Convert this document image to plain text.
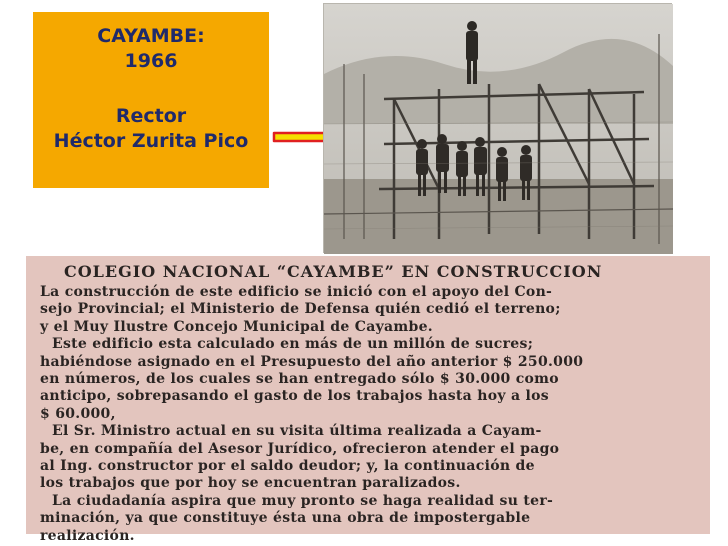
CAYAMBE:
1966
Rector
Héctor Zurita Pico
COLEGIO NACIONAL “CAYAMBE” EN CONSTRUCCION
La construcción de este edificio se inició con el apoyo del Con-
sejo Provincial; el Ministerio de Defensa quién cedió el terreno;
y el Muy Ilustre Concejo Municipal de Cayambe.
Este edificio esta calculado en más de un millón de sucres;
habiéndose asignado en el Presupuesto del año anterior $ 250.000
en números, de los cuales se han entregado sólo $ 30.000 como
anticipo, sobrepasando el gasto de los trabajos hasta hoy a los
$ 60.000,
El Sr. Ministro actual en su visita última realizada a Cayam-
be, en compañía del Asesor Jurídico, ofrecieron atender el pago
al Ing. constructor por el saldo deudor; y, la continuación de
los trabajos que por hoy se encuentran paralizados.
La ciudadanía aspira que muy pronto se haga realidad su ter-
minación, ya que constituye ésta una obra de impostergable
realización.
